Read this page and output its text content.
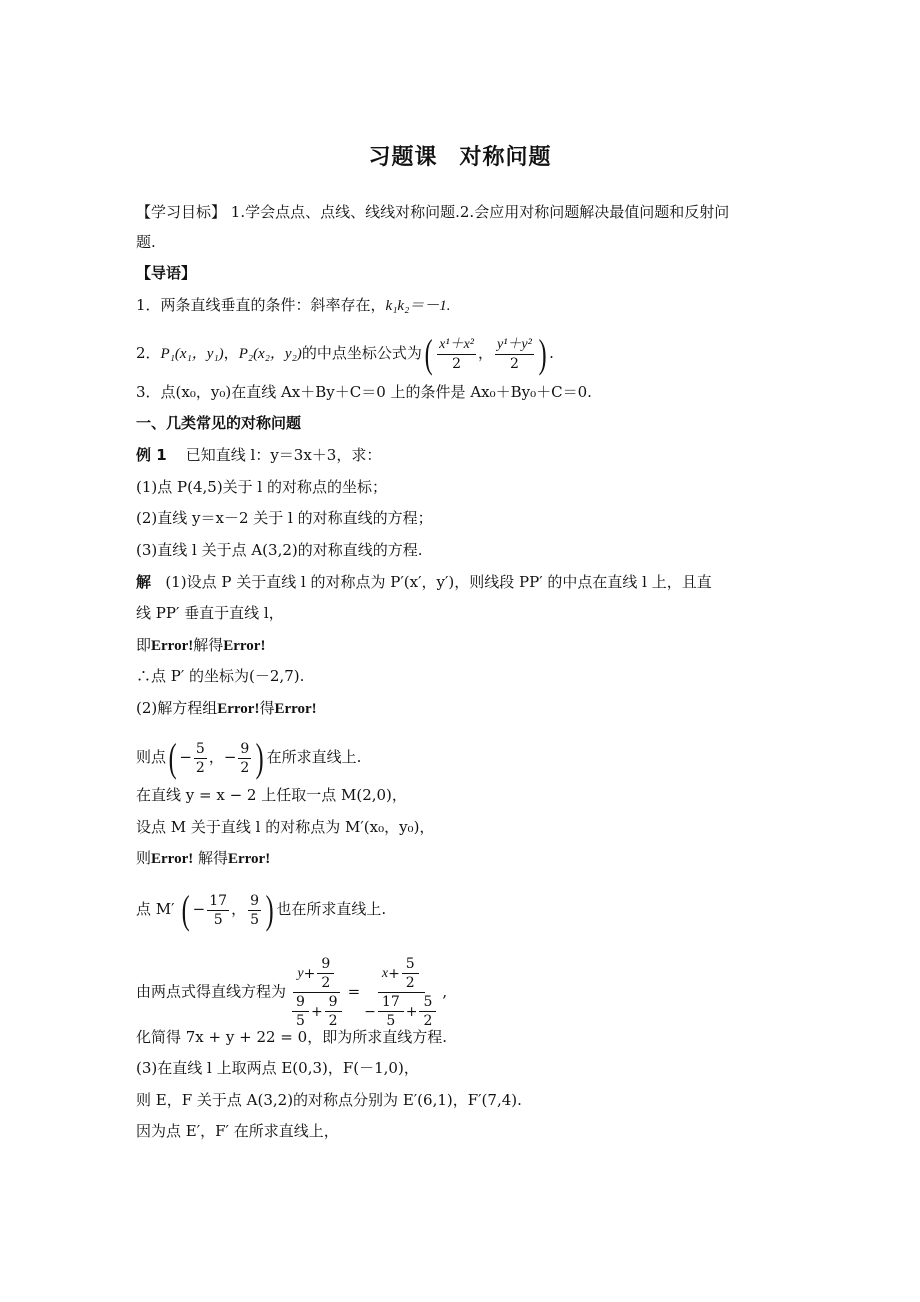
习题课 对称问题
【学习目标】 1.学会点点、点线、线线对称问题.2.会应用对称问题解决最值问题和反射问
题.
【导语】
1．两条直线垂直的条件：斜率存在，k₁k₂＝－1.
2．P₁(x₁，y₁)，P₂(x₂，y₂)的中点坐标公式为( $\frac{\text{x¹＋x²}}{2}$ ， $\frac{\text{y¹＋y²}}{2}$ ) .
3．点(x₀，y₀)在直线 Ax＋By＋C＝0 上的条件是 Ax₀＋By₀＋C＝0.
一、几类常见的对称问题
例 1 已知直线 l：y＝3x＋3，求：
(1)点 P(4,5)关于 l 的对称点的坐标；
(2)直线 y＝x－2 关于 l 的对称直线的方程；
(3)直线 l 关于点 A(3,2)的对称直线的方程.
解 (1)设点 P 关于直线 l 的对称点为 P′(x′，y′)，则线段 PP′ 的中点在直线 l 上，且直
线 PP′ 垂直于直线 l，
即Error!解得Error!
∴点 P′ 的坐标为(－2,7).
(2)解方程组Error!得Error!
则点( − $\frac{5}{2}$ ，− $\frac{9}{2}$ ) 在所求直线上.
在直线 y = x − 2 上任取一点 M(2,0)，
设点 M 关于直线 l 的对称点为 M′(x₀，y₀)，
则Error! 解得Error!
点 M′ ( − $\frac{17}{5}$ ， $\frac{9}{5}$ ) 也在所求直线上.
由两点式得直线方程为 $\frac{y + \frac{9}{2}}{\frac{9}{5} + \frac{9}{2}} = \frac{x + \frac{5}{2}}{- \frac{17}{5} + \frac{5}{2}}$ ,
化简得 7x + y + 22 = 0，即为所求直线方程.
(3)在直线 l 上取两点 E(0,3)，F(－1,0)，
则 E，F 关于点 A(3,2)的对称点分别为 E′(6,1)，F′(7,4).
因为点 E′，F′ 在所求直线上，
